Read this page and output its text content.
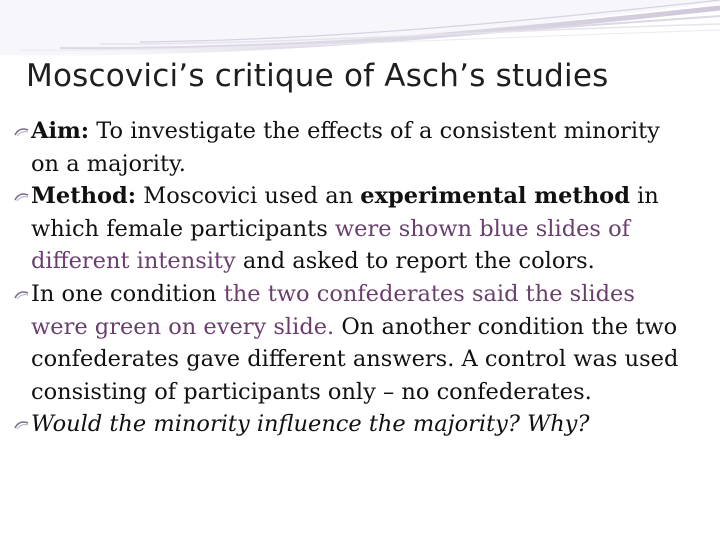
Moscovici’s critique of Asch’s studies

Aim: To investigate the effects of a consistent minority on a majority.

Method: Moscovici used an experimental method in which female participants were shown blue slides of different intensity and asked to report the colors.

In one condition the two confederates said the slides were green on every slide. On another condition the two confederates gave different answers. A control was used consisting of participants only – no confederates.

Would the minority influence the majority? Why?
